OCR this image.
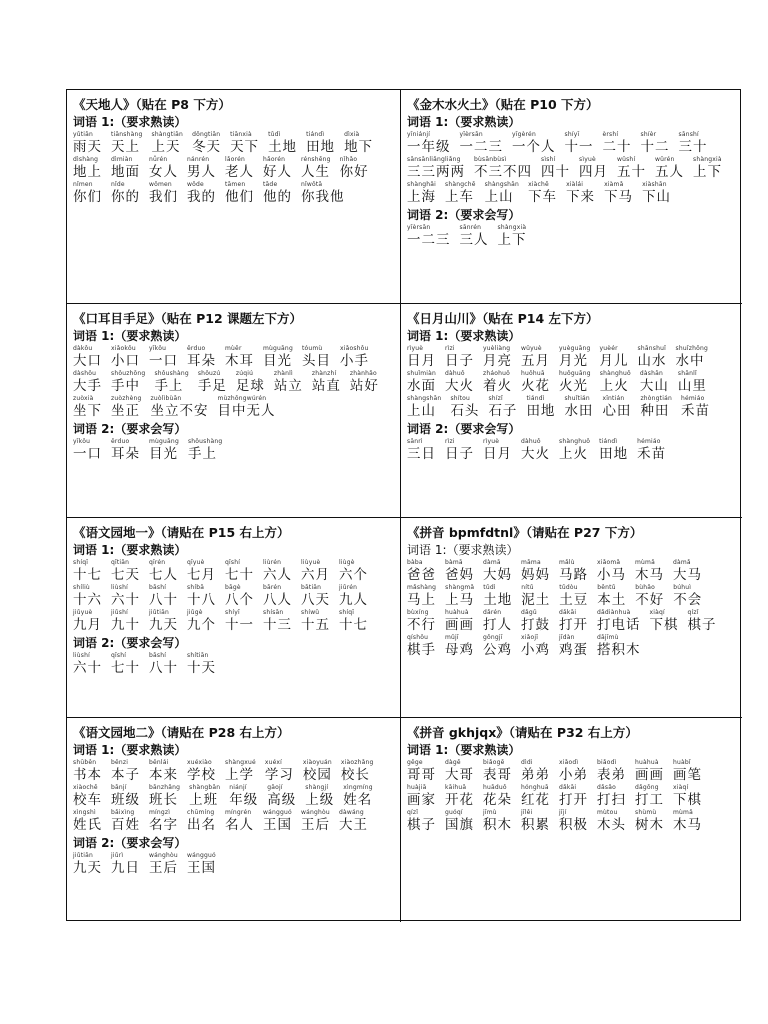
《天地人》（贴在 P8 下方）
词语 1:（要求熟读）
yǔtiān
雨天
tiānshàng
天上
shàngtiān
上天
dōngtiān
冬天
tiānxià
天下
tǔdì
土地
tiándì
田地
dìxià
地下
dìshàng
地上
dìmiàn
地面
nǚrén
女人
nánrén
男人
lǎorén
老人
hǎorén
好人
rénshēng
人生
nǐhǎo
你好
nǐmen
你们
nǐde
你的
wǒmen
我们
wǒde
我的
tāmen
他们
tāde
他的
nǐwǒtā
你我他
《金木水火土》（贴在 P10 下方）
词语 1:（要求熟读）
yīniánjí
一年级
yīèrsān
一二三
yīgèrén
一个人
shíyī
十一
èrshí
二十
shíèr
十二
sānshí
三十
sānsānliǎngliǎng
三三两两
bùsānbùsì
不三不四
sìshí
四十
sìyuè
四月
wǔshí
五十
wǔrén
五人
shàngxià
上下
shànghǎi
上海
shàngchē
上车
shàngshān
上山
xiàchē
下车
xiàlái
下来
xiàmǎ
下马
xiàshān
下山
词语 2:（要求会写）
yīèrsān
一二三
sānrén
三人
shàngxià
上下
《口耳目手足》（贴在 P12 课题左下方）
词语 1:（要求熟读）
dàkǒu
大口
xiǎokǒu
小口
yīkǒu
一口
ěrduo
耳朵
mùěr
木耳
mùguāng
目光
tóumù
头目
xiǎoshǒu
小手
dàshǒu
大手
shǒuzhōng
手中
shǒushàng
手上
shǒuzú
手足
zúqiú
足球
zhànlì
站立
zhànzhí
站直
zhànhǎo
站好
zuòxià
坐下
zuòzhèng
坐正
zuòlìbùān
坐立不安
mùzhōngwúrén
目中无人
词语 2:（要求会写）
yīkǒu
一口
ěrduo
耳朵
mùguāng
目光
shǒushàng
手上
《日月山川》（贴在 P14 左下方）
词语 1:（要求熟读）
rìyuè
日月
rìzi
日子
yuèliàng
月亮
wǔyuè
五月
yuèguāng
月光
yuèér
月儿
shānshuǐ
山水
shuǐzhōng
水中
shuǐmiàn
水面
dàhuǒ
大火
zháohuǒ
着火
huǒhuā
火花
huǒguāng
火光
shànghuǒ
上火
dàshān
大山
shānlǐ
山里
shàngshān
上山
shítou
石头
shízǐ
石子
tiándì
田地
shuǐtián
水田
xīntián
心田
zhòngtián
种田
hémiáo
禾苗
词语 2:（要求会写）
sānrì
三日
rìzi
日子
rìyuè
日月
dàhuǒ
大火
shànghuǒ
上火
tiándì
田地
hémiáo
禾苗
《语文园地一》（请贴在 P15 右上方）
词语 1:（要求熟读）
shíqī
十七
qītiān
七天
qīrén
七人
qīyuè
七月
qīshí
七十
liùrén
六人
liùyuè
六月
liùgè
六个
shíliù
十六
liùshí
六十
bāshí
八十
shíbā
十八
bāgè
八个
bārén
八人
bātiān
八天
jiǔrén
九人
jiǔyuè
九月
jiǔshí
九十
jiǔtiān
九天
jiǔgè
九个
shíyī
十一
shísān
十三
shíwǔ
十五
shíqī
十七
词语 2:（要求会写）
liùshí
六十
qīshí
七十
bāshí
八十
shítiān
十天
《拼音 bpmfdtnl》（请贴在 P27 下方）
词语 1:（要求熟读）
bàba
爸爸
bàmā
爸妈
dàmā
大妈
māma
妈妈
mǎlù
马路
xiǎomǎ
小马
mùmǎ
木马
dàmǎ
大马
mǎshàng
马上
shàngmǎ
上马
tǔdì
土地
nítǔ
泥土
tǔdòu
土豆
běntǔ
本土
bùhǎo
不好
búhuì
不会
bùxíng
不行
huàhuà
画画
dǎrén
打人
dǎgǔ
打鼓
dǎkāi
打开
dǎdiànhuà
打电话
xiàqí
下棋
qízǐ
棋子
qíshǒu
棋手
mǔjī
母鸡
gōngjī
公鸡
xiǎojī
小鸡
jīdàn
鸡蛋
dājīmù
搭积木
《语文园地二》（请贴在 P28 右上方）
词语 1:（要求熟读）
shūběn
书本
běnzi
本子
běnlái
本来
xuéxiào
学校
shàngxué
上学
xuéxí
学习
xiàoyuán
校园
xiàozhǎng
校长
xiàochē
校车
bānjí
班级
bānzhǎng
班长
shàngbān
上班
niánjí
年级
gāojí
高级
shàngjí
上级
xìngmíng
姓名
xìngshì
姓氏
bǎixìng
百姓
míngzì
名字
chūmíng
出名
míngrén
名人
wángguó
王国
wánghòu
王后
dàwáng
大王
词语 2:（要求会写）
jiǔtiān
九天
jiǔrì
九日
wánghòu
王后
wángguó
王国
《拼音 gkhjqx》（请贴在 P32 右上方）
词语 1:（要求熟读）
gēge
哥哥
dàgē
大哥
biǎogē
表哥
dìdi
弟弟
xiǎodì
小弟
biǎodì
表弟
huàhuà
画画
huàbǐ
画笔
huàjiā
画家
kāihuā
开花
huāduǒ
花朵
hónghuā
红花
dǎkāi
打开
dǎsǎo
打扫
dǎgōng
打工
xiàqí
下棋
qízǐ
棋子
guóqí
国旗
jīmù
积木
jīlěi
积累
jījí
积极
mùtou
木头
shùmù
树木
mùmǎ
木马
